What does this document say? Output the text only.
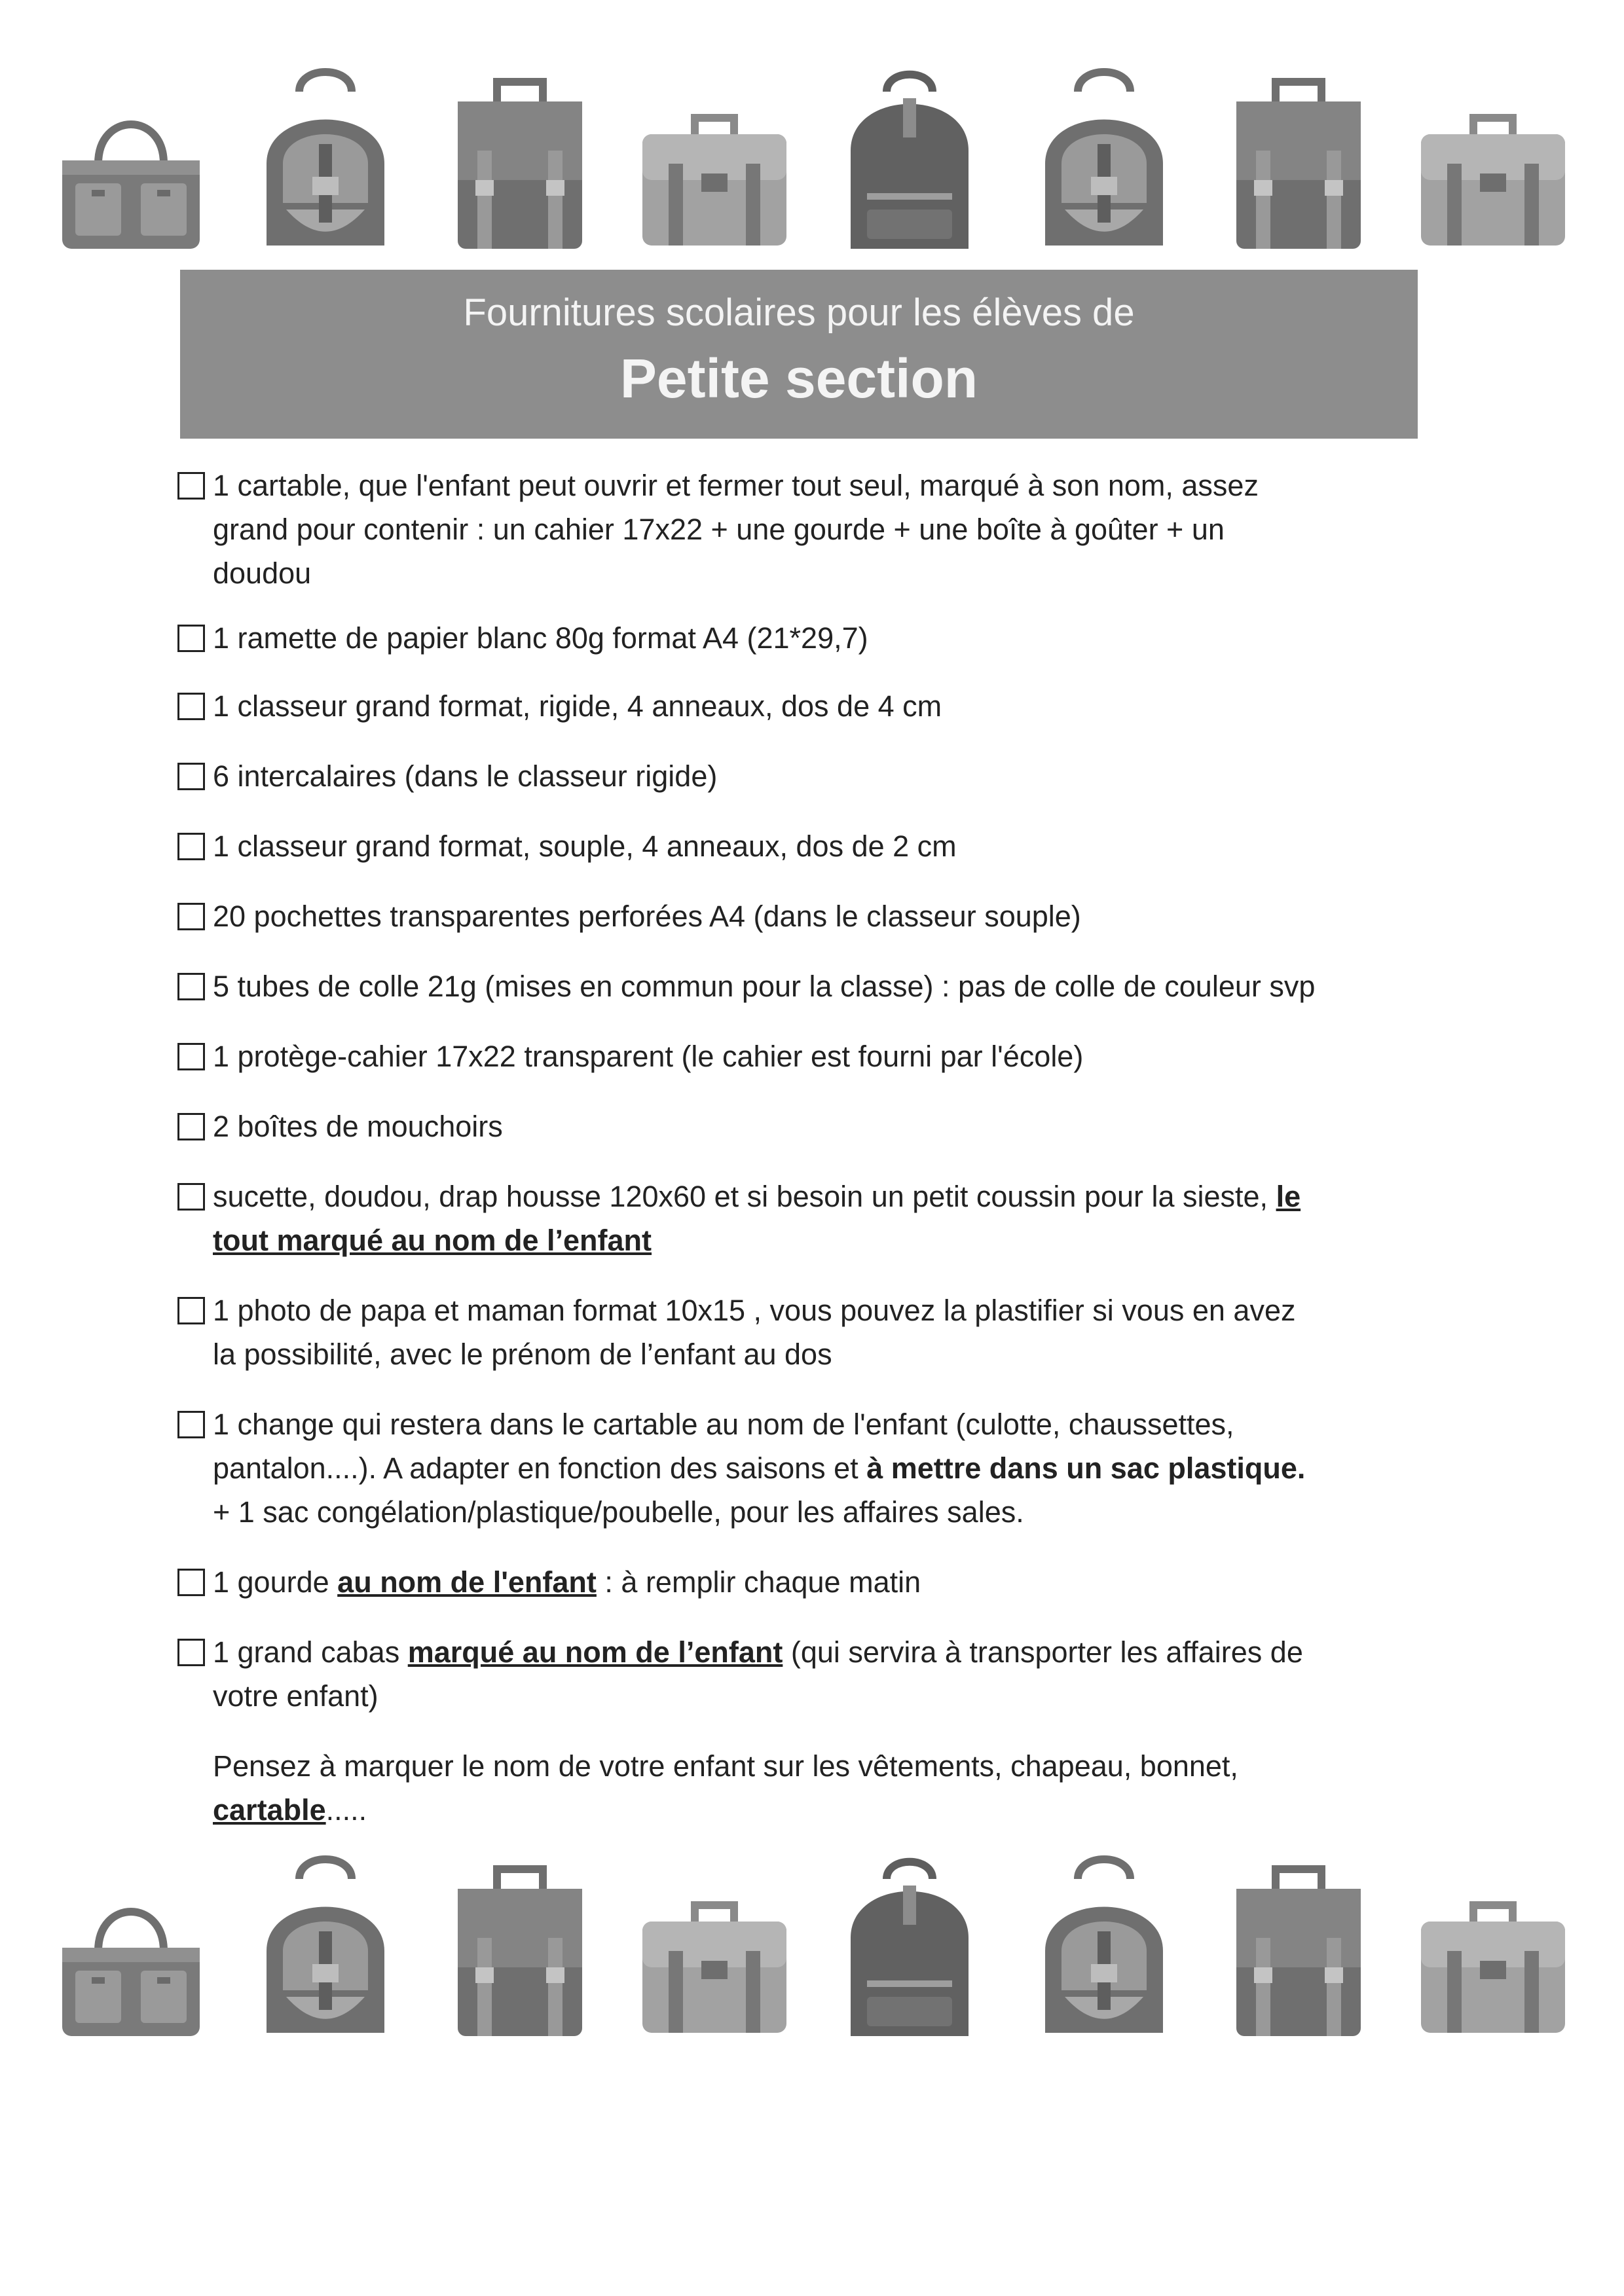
Fournitures scolaires pour les élèves de
Petite section
1 cartable, que l'enfant peut ouvrir et fermer tout seul, marqué à son nom, assez
grand pour contenir : un cahier 17x22 + une gourde + une boîte à goûter + un
doudou
1 ramette de papier blanc 80g format A4 (21*29,7)
1 classeur grand format, rigide, 4 anneaux, dos de 4 cm
6 intercalaires (dans le classeur rigide)
1 classeur grand format, souple, 4 anneaux, dos de 2 cm
20 pochettes transparentes perforées A4 (dans le classeur souple)
5 tubes de colle 21g (mises en commun pour la classe) : pas de colle de couleur svp
1 protège-cahier 17x22 transparent (le cahier est fourni par l'école)
2 boîtes de mouchoirs
sucette, doudou, drap housse 120x60 et si besoin un petit coussin pour la sieste, le
tout marqué au nom de l’enfant
1 photo de papa et maman format 10x15 , vous pouvez la plastifier si vous en avez
la possibilité, avec le prénom de l’enfant au dos
1 change qui restera dans le cartable au nom de l'enfant (culotte, chaussettes,
pantalon....). A adapter en fonction des saisons et à mettre dans un sac plastique.
+ 1 sac congélation/plastique/poubelle, pour les affaires sales.
1 gourde au nom de l'enfant : à remplir chaque matin
1 grand cabas marqué au nom de l’enfant (qui servira à transporter les affaires de
votre enfant)
Pensez à marquer le nom de votre enfant sur les vêtements, chapeau, bonnet,
cartable.....
